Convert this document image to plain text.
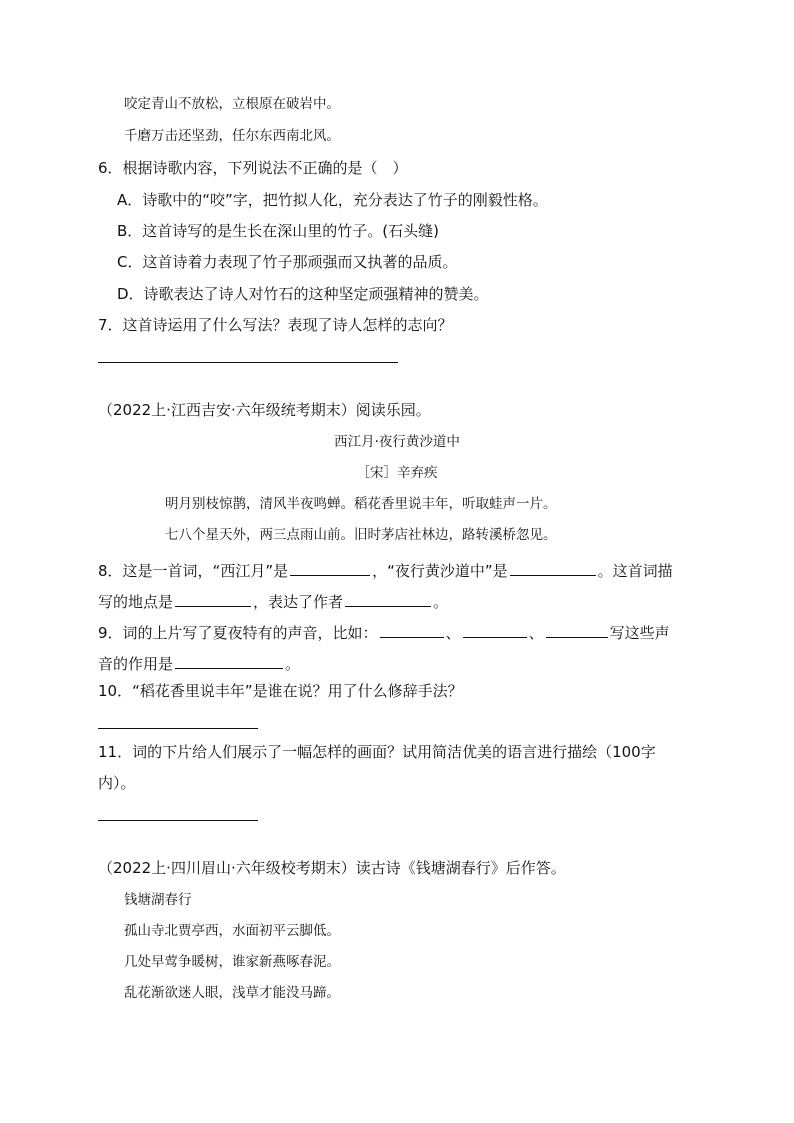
咬定青山不放松，立根原在破岩中。
千磨万击还坚劲，任尔东西南北风。
6．根据诗歌内容，下列说法不正确的是（　）
A．诗歌中的“咬”字，把竹拟人化，充分表达了竹子的刚毅性格。
B．这首诗写的是生长在深山里的竹子。(石头缝)
C．这首诗着力表现了竹子那顽强而又执著的品质。
D．诗歌表达了诗人对竹石的这种坚定顽强精神的赞美。
7．这首诗运用了什么写法？表现了诗人怎样的志向？
（2022上·江西吉安·六年级统考期末）阅读乐园。
西江月·夜行黄沙道中
［宋］辛弃疾
明月别枝惊鹊，清风半夜鸣蝉。稻花香里说丰年，听取蛙声一片。
七八个星天外，两三点雨山前。旧时茅店社林边，路转溪桥忽见。
8．这是一首词，“西江月”是	，“夜行黄沙道中”是	。这首词描
写的地点是	，表达了作者	。
9．词的上片写了夏夜特有的声音，比如：	、	、	写这些声
音的作用是	。
10．“稻花香里说丰年”是谁在说？用了什么修辞手法？
11．词的下片给人们展示了一幅怎样的画面？试用简洁优美的语言进行描绘（100字
内）。
（2022上·四川眉山·六年级校考期末）读古诗《钱塘湖春行》后作答。
钱塘湖春行
孤山寺北贾亭西，水面初平云脚低。
几处早莺争暖树，谁家新燕啄春泥。
乱花渐欲迷人眼，浅草才能没马蹄。
